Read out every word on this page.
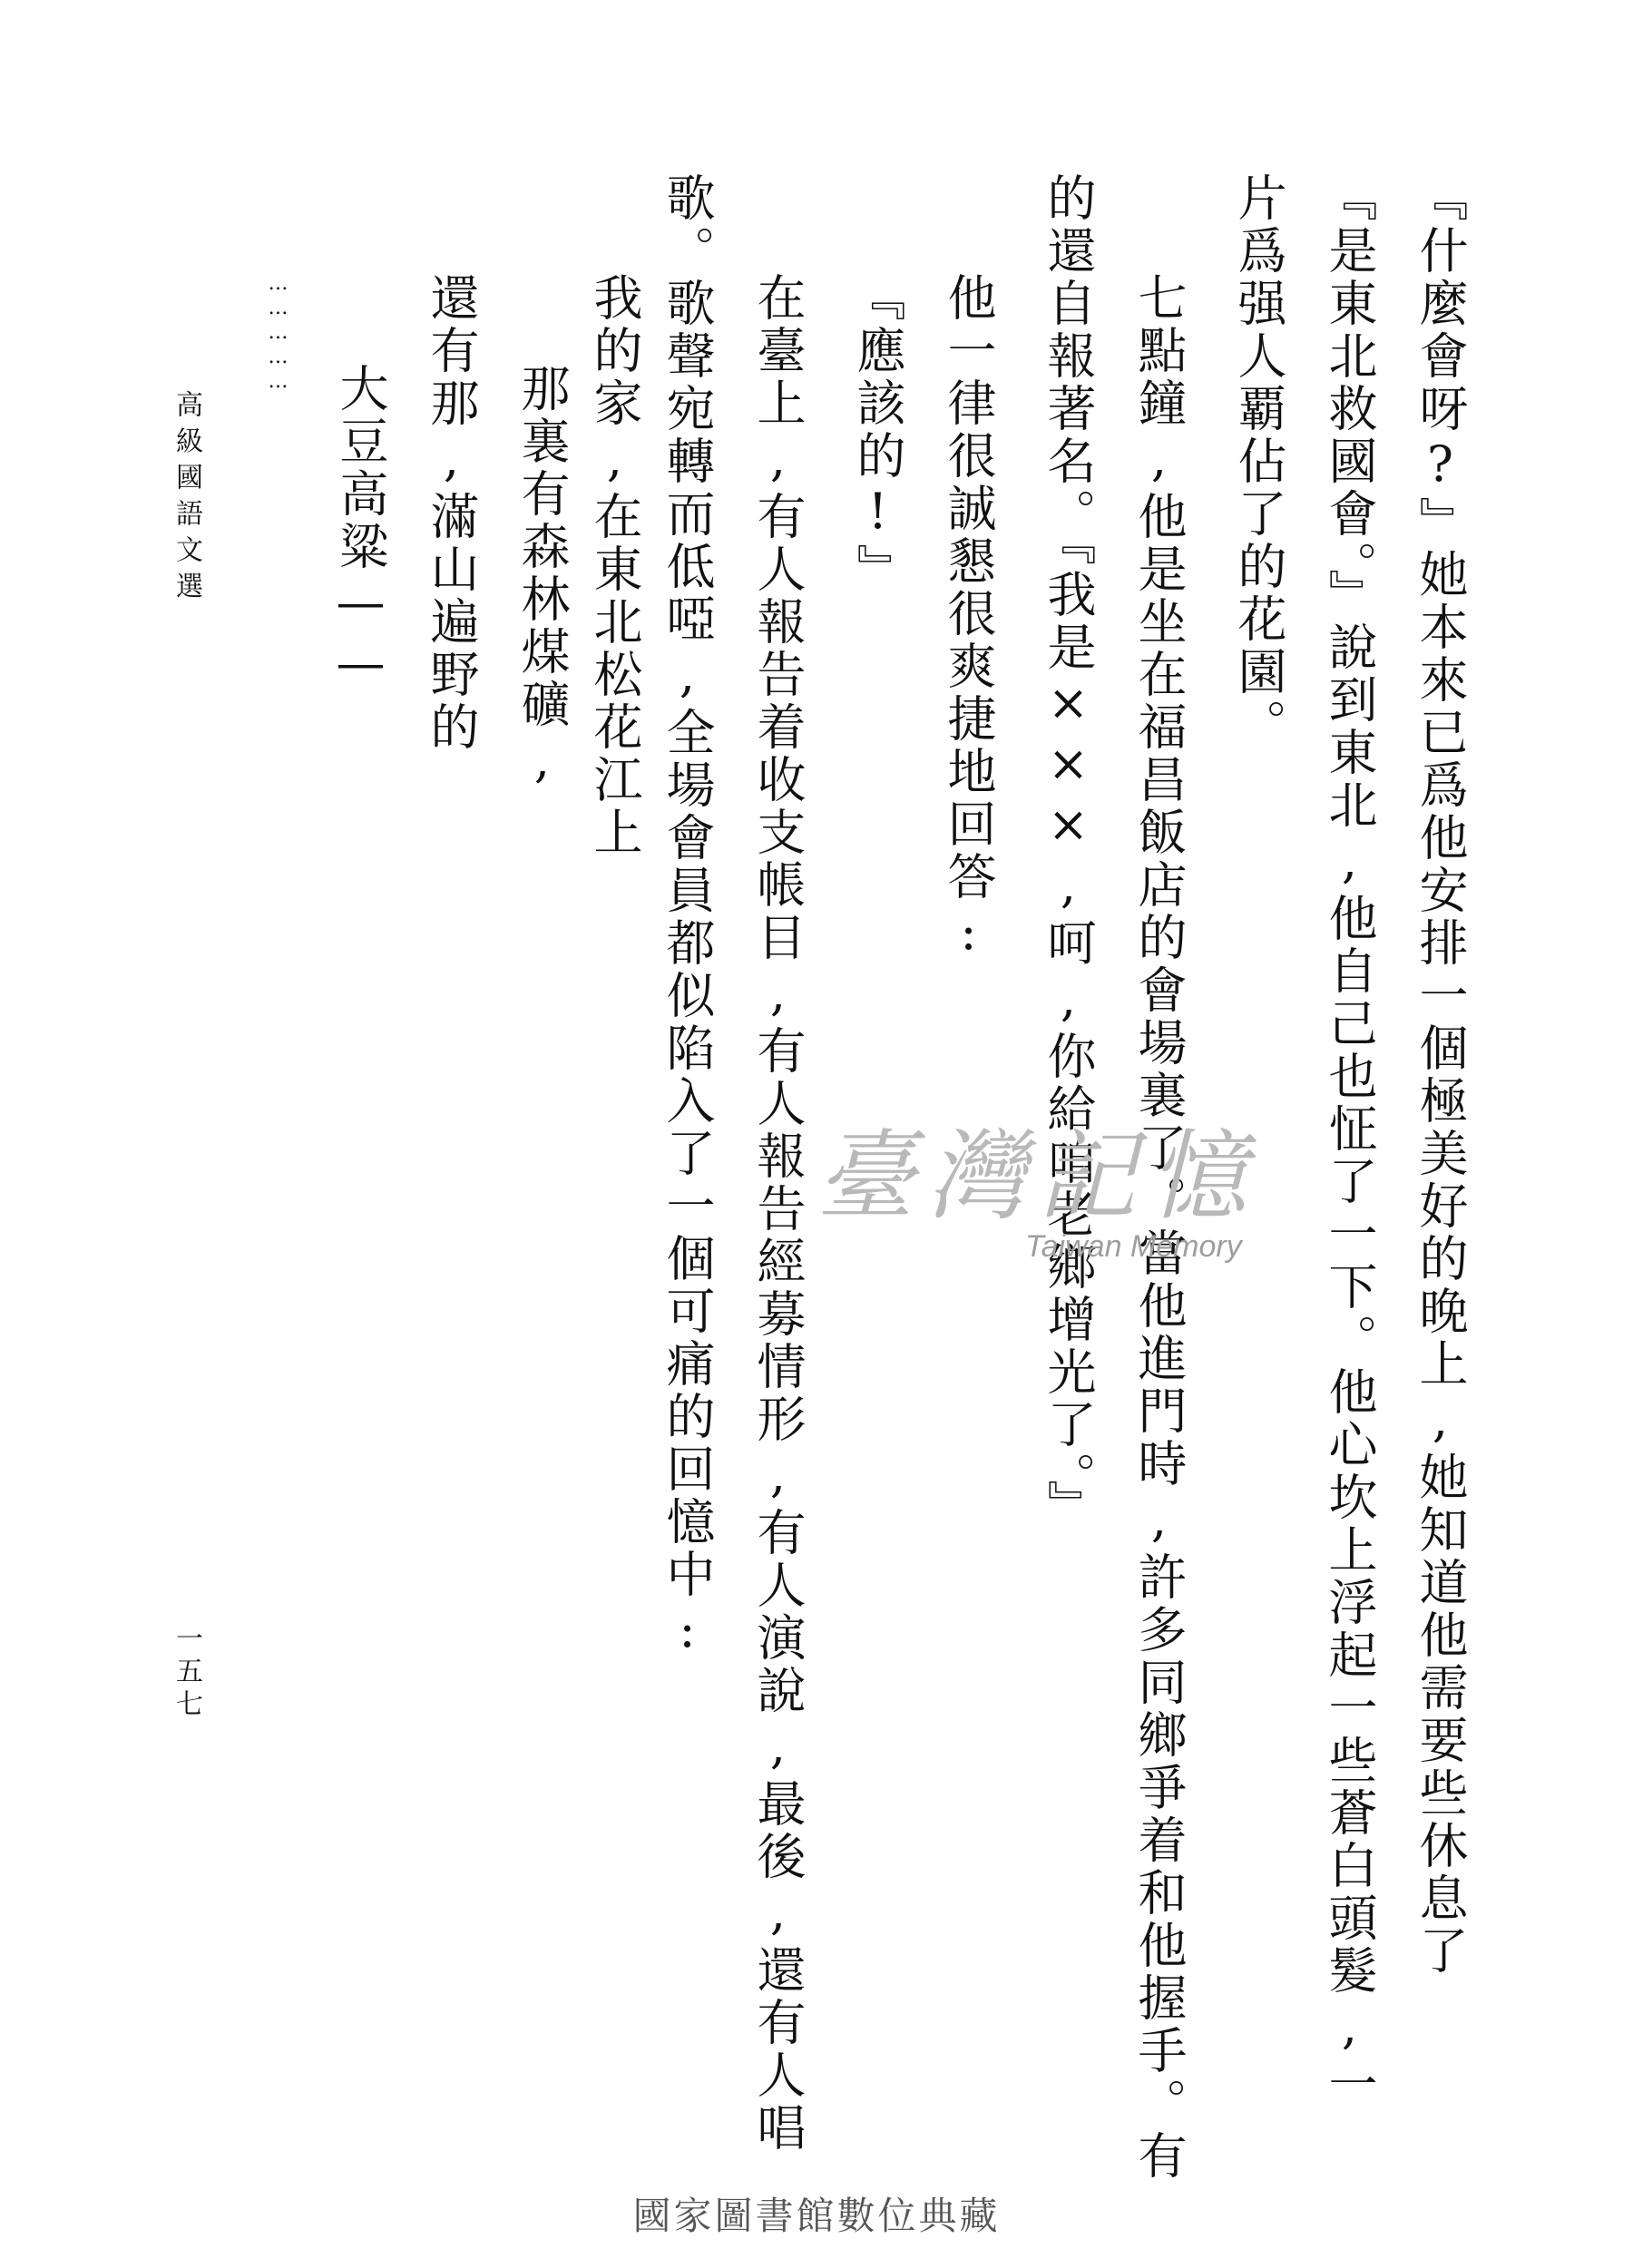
高級國語文選	『什麼會呀?』她本來已爲他安排一個極美好的晚上,她知道他需要些休息了
『是東北救國會。』說到東北,他自己也怔了一下。他心坎上浮起一些蒼白頭髮,一
片爲强人覇佔了的花園。
七點鐘,他是坐在福昌飯店的會場裏了。當他進門時,許多同鄉爭着和他握手。有
的還自報著名。『我是×××,呵,你給咱老鄉增光了。』
他一律很誠懇很爽捷地回答:
『應該的!』
在臺上,有人報告着收支帳目,有人報告經募情形,有人演說,最後,還有人唱
歌。歌聲宛轉而低啞,全場會員都似陷入了一個可痛的回憶中:
我的家,在東北松花江上
那裏有森林煤礦,
還有那,滿山遍野的
大豆高粱——
……………
一五七
臺灣記憶
Taiwan Memory
國家圖書館數位典藏
